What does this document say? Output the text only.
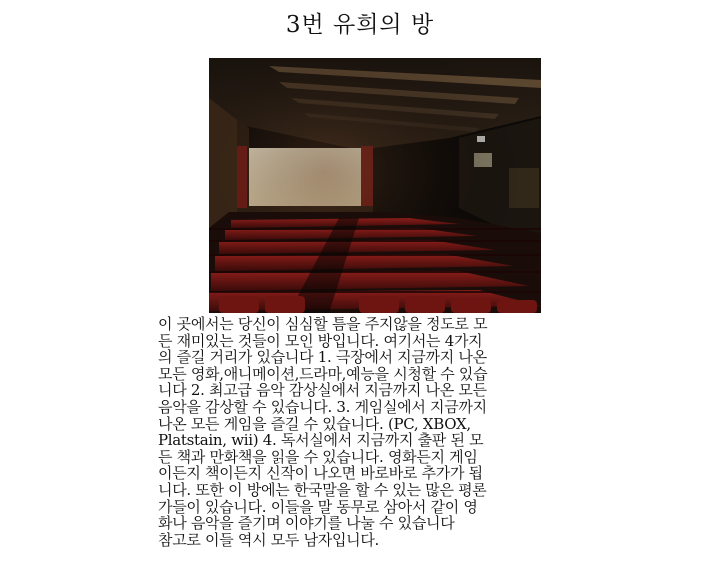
3번 유희의 방

이 곳에서는 당신이 심심할 틈을 주지않을 정도로 모
든 재미있는 것들이 모인 방입니다. 여기서는 4가지
의 즐길 거리가 있습니다 1. 극장에서 지금까지 나온
모든 영화,애니메이션,드라마,예능을 시청할 수 있습
니다 2. 최고급 음악 감상실에서 지금까지 나온 모든
음악을 감상할 수 있습니다. 3. 게임실에서 지금까지
나온 모든 게임을 즐길 수 있습니다. (PC, XBOX,
Platstain, wii) 4. 독서실에서 지금까지 출판 된 모
든 책과 만화책을 읽을 수 있습니다. 영화든지 게임
이든지 책이든지 신작이 나오면 바로바로 추가가 됩
니다. 또한 이 방에는 한국말을 할 수 있는 많은 평론
가들이 있습니다. 이들을 말 동무로 삼아서 같이 영
화나 음악을 즐기며 이야기를 나눌 수 있습니다
참고로 이들 역시 모두 남자입니다.
